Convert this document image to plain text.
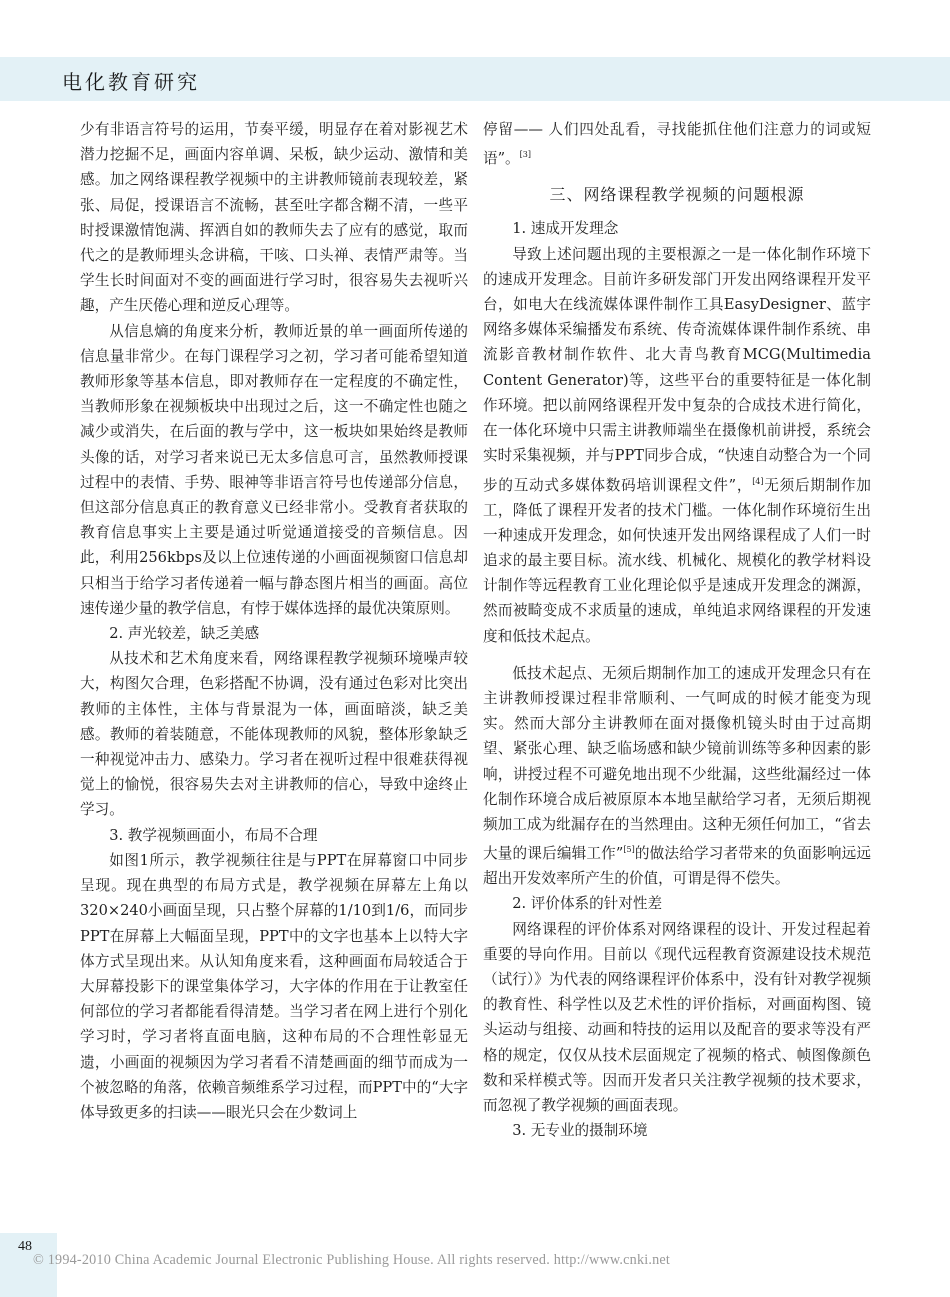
电化教育研究

少有非语言符号的运用，节奏平缓，明显存在着对影视艺术潜力挖掘不足，画面内容单调、呆板，缺少运动、激情和美感。加之网络课程教学视频中的主讲教师镜前表现较差，紧张、局促，授课语言不流畅，甚至吐字都含糊不清，一些平时授课激情饱满、挥洒自如的教师失去了应有的感觉，取而代之的是教师埋头念讲稿，干咳、口头禅、表情严肃等。当学生长时间面对不变的画面进行学习时，很容易失去视听兴趣，产生厌倦心理和逆反心理等。

从信息熵的角度来分析，教师近景的单一画面所传递的信息量非常少。在每门课程学习之初，学习者可能希望知道教师形象等基本信息，即对教师存在一定程度的不确定性，当教师形象在视频板块中出现过之后，这一不确定性也随之减少或消失，在后面的教与学中，这一板块如果始终是教师头像的话，对学习者来说已无太多信息可言，虽然教师授课过程中的表情、手势、眼神等非语言符号也传递部分信息，但这部分信息真正的教育意义已经非常小。受教育者获取的教育信息事实上主要是通过听觉通道接受的音频信息。因此，利用256kbps及以上位速传递的小画面视频窗口信息却只相当于给学习者传递着一幅与静态图片相当的画面。高位速传递少量的教学信息，有悖于媒体选择的最优决策原则。

2. 声光较差，缺乏美感

从技术和艺术角度来看，网络课程教学视频环境噪声较大，构图欠合理，色彩搭配不协调，没有通过色彩对比突出教师的主体性，主体与背景混为一体，画面暗淡，缺乏美感。教师的着装随意，不能体现教师的风貌，整体形象缺乏一种视觉冲击力、感染力。学习者在视听过程中很难获得视觉上的愉悦，很容易失去对主讲教师的信心，导致中途终止学习。

3. 教学视频画面小，布局不合理

如图1所示，教学视频往往是与PPT在屏幕窗口中同步呈现。现在典型的布局方式是，教学视频在屏幕左上角以320×240小画面呈现，只占整个屏幕的1/10到1/6，而同步PPT在屏幕上大幅面呈现，PPT中的文字也基本上以特大字体方式呈现出来。从认知角度来看，这种画面布局较适合于大屏幕投影下的课堂集体学习，大字体的作用在于让教室任何部位的学习者都能看得清楚。当学习者在网上进行个别化学习时，学习者将直面电脑，这种布局的不合理性彰显无遗，小画面的视频因为学习者看不清楚画面的细节而成为一个被忽略的角落，依赖音频维系学习过程，而PPT中的“大字体导致更多的扫读——眼光只会在少数词上

停留—— 人们四处乱看，寻找能抓住他们注意力的词或短语”。[3]

三、网络课程教学视频的问题根源

1. 速成开发理念

导致上述问题出现的主要根源之一是一体化制作环境下的速成开发理念。目前许多研发部门开发出网络课程开发平台，如电大在线流媒体课件制作工具EasyDesigner、蓝宇网络多媒体采编播发布系统、传奇流媒体课件制作系统、串流影音教材制作软件、北大青鸟教育MCG(Multimedia Content Generator)等，这些平台的重要特征是一体化制作环境。把以前网络课程开发中复杂的合成技术进行简化，在一体化环境中只需主讲教师端坐在摄像机前讲授，系统会实时采集视频，并与PPT同步合成，“快速自动整合为一个同步的互动式多媒体数码培训课程文件”，[4]无须后期制作加工，降低了课程开发者的技术门槛。一体化制作环境衍生出一种速成开发理念，如何快速开发出网络课程成了人们一时追求的最主要目标。流水线、机械化、规模化的教学材料设计制作等远程教育工业化理论似乎是速成开发理念的渊源，然而被畸变成不求质量的速成，单纯追求网络课程的开发速度和低技术起点。

低技术起点、无须后期制作加工的速成开发理念只有在主讲教师授课过程非常顺利、一气呵成的时候才能变为现实。然而大部分主讲教师在面对摄像机镜头时由于过高期望、紧张心理、缺乏临场感和缺少镜前训练等多种因素的影响，讲授过程不可避免地出现不少纰漏，这些纰漏经过一体化制作环境合成后被原原本本地呈献给学习者，无须后期视频加工成为纰漏存在的当然理由。这种无须任何加工，“省去大量的课后编辑工作”[5]的做法给学习者带来的负面影响远远超出开发效率所产生的价值，可谓是得不偿失。

2. 评价体系的针对性差

网络课程的评价体系对网络课程的设计、开发过程起着重要的导向作用。目前以《现代远程教育资源建设技术规范（试行）》为代表的网络课程评价体系中，没有针对教学视频的教育性、科学性以及艺术性的评价指标，对画面构图、镜头运动与组接、动画和特技的运用以及配音的要求等没有严格的规定，仅仅从技术层面规定了视频的格式、帧图像颜色数和采样模式等。因而开发者只关注教学视频的技术要求，而忽视了教学视频的画面表现。

3. 无专业的摄制环境

48
© 1994-2010 China Academic Journal Electronic Publishing House. All rights reserved. http://www.cnki.net
